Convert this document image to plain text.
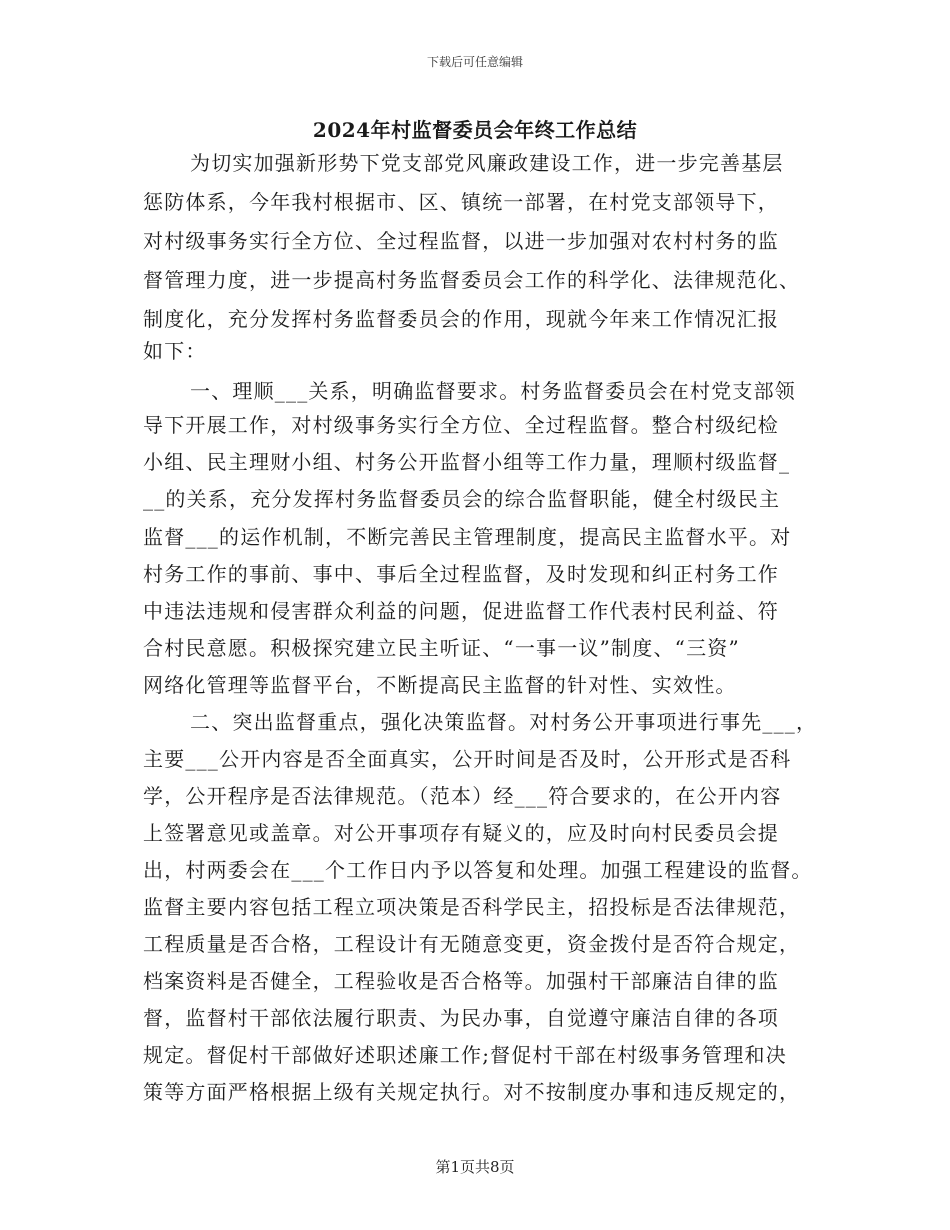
下载后可任意编辑
2024年村监督委员会年终工作总结
为切实加强新形势下党支部党风廉政建设工作，进一步完善基层
惩防体系，今年我村根据市、区、镇统一部署，在村党支部领导下，
对村级事务实行全方位、全过程监督，以进一步加强对农村村务的监
督管理力度，进一步提高村务监督委员会工作的科学化、法律规范化、
制度化，充分发挥村务监督委员会的作用，现就今年来工作情况汇报
如下：
一、理顺___关系，明确监督要求。村务监督委员会在村党支部领
导下开展工作，对村级事务实行全方位、全过程监督。整合村级纪检
小组、民主理财小组、村务公开监督小组等工作力量，理顺村级监督_
__的关系，充分发挥村务监督委员会的综合监督职能，健全村级民主
监督___的运作机制，不断完善民主管理制度，提高民主监督水平。对
村务工作的事前、事中、事后全过程监督，及时发现和纠正村务工作
中违法违规和侵害群众利益的问题，促进监督工作代表村民利益、符
合村民意愿。积极探究建立民主听证、“一事一议”制度、“三资”
网络化管理等监督平台，不断提高民主监督的针对性、实效性。
二、突出监督重点，强化决策监督。对村务公开事项进行事先___，
主要___公开内容是否全面真实，公开时间是否及时，公开形式是否科
学，公开程序是否法律规范。（范本）经___符合要求的，在公开内容
上签署意见或盖章。对公开事项存有疑义的，应及时向村民委员会提
出，村两委会在___个工作日内予以答复和处理。加强工程建设的监督。
监督主要内容包括工程立项决策是否科学民主，招投标是否法律规范，
工程质量是否合格，工程设计有无随意变更，资金拨付是否符合规定，
档案资料是否健全，工程验收是否合格等。加强村干部廉洁自律的监
督，监督村干部依法履行职责、为民办事，自觉遵守廉洁自律的各项
规定。督促村干部做好述职述廉工作;督促村干部在村级事务管理和决
策等方面严格根据上级有关规定执行。对不按制度办事和违反规定的，
第1页共8页
